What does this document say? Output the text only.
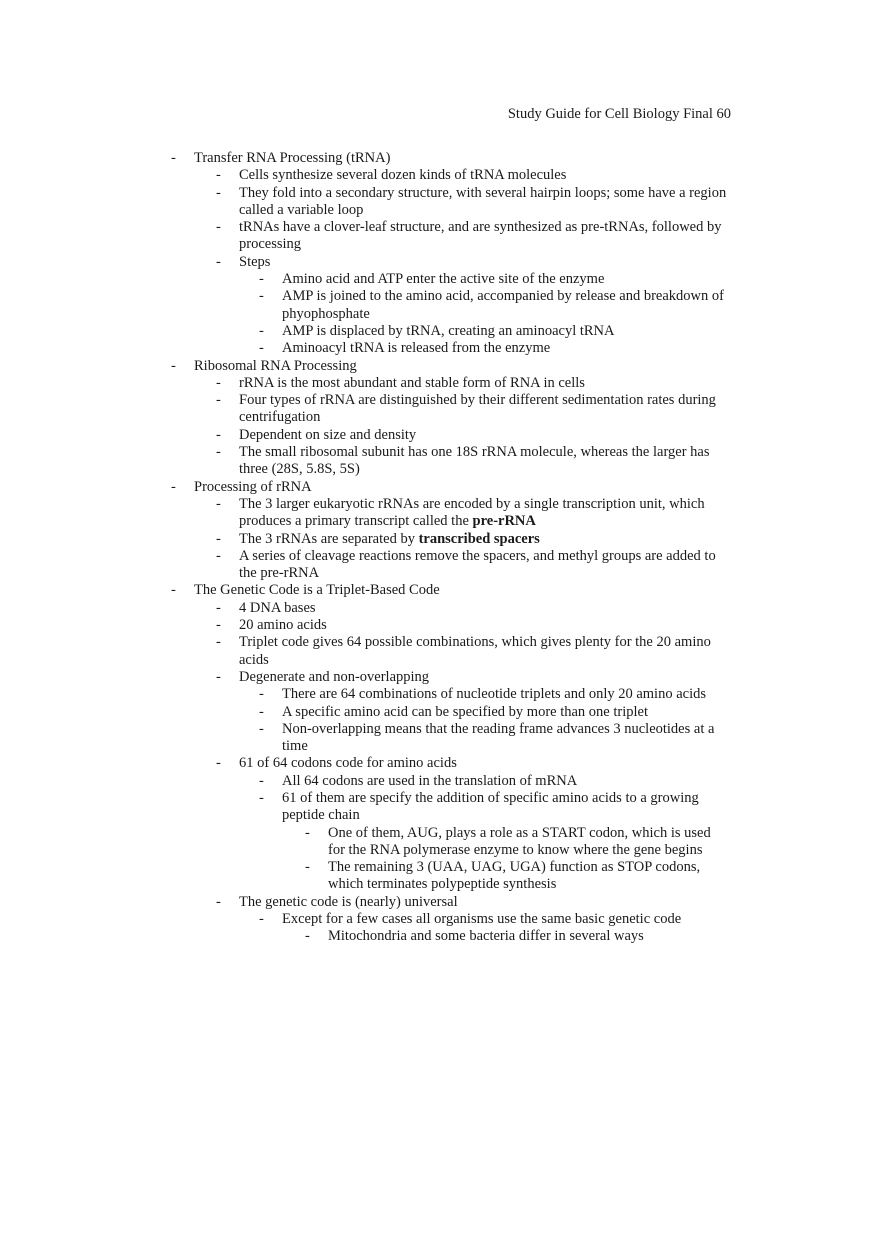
Study Guide for Cell Biology Final 60
- Transfer RNA Processing (tRNA)
- Cells synthesize several dozen kinds of tRNA molecules
- They fold into a secondary structure, with several hairpin loops; some have a region called a variable loop
- tRNAs have a clover-leaf structure, and are synthesized as pre-tRNAs, followed by processing
- Steps
- Amino acid and ATP enter the active site of the enzyme
- AMP is joined to the amino acid, accompanied by release and breakdown of phyophosphate
- AMP is displaced by tRNA, creating an aminoacyl tRNA
- Aminoacyl tRNA is released from the enzyme
- Ribosomal RNA Processing
- rRNA is the most abundant and stable form of RNA in cells
- Four types of rRNA are distinguished by their different sedimentation rates during centrifugation
- Dependent on size and density
- The small ribosomal subunit has one 18S rRNA molecule, whereas the larger has three (28S, 5.8S, 5S)
- Processing of rRNA
- The 3 larger eukaryotic rRNAs are encoded by a single transcription unit, which produces a primary transcript called the pre-rRNA
- The 3 rRNAs are separated by transcribed spacers
- A series of cleavage reactions remove the spacers, and methyl groups are added to the pre-rRNA
- The Genetic Code is a Triplet-Based Code
- 4 DNA bases
- 20 amino acids
- Triplet code gives 64 possible combinations, which gives plenty for the 20 amino acids
- Degenerate and non-overlapping
- There are 64 combinations of nucleotide triplets and only 20 amino acids
- A specific amino acid can be specified by more than one triplet
- Non-overlapping means that the reading frame advances 3 nucleotides at a time
- 61 of 64 codons code for amino acids
- All 64 codons are used in the translation of mRNA
- 61 of them are specify the addition of specific amino acids to a growing peptide chain
- One of them, AUG, plays a role as a START codon, which is used for the RNA polymerase enzyme to know where the gene begins
- The remaining 3 (UAA, UAG, UGA) function as STOP codons, which terminates polypeptide synthesis
- The genetic code is (nearly) universal
- Except for a few cases all organisms use the same basic genetic code
- Mitochondria and some bacteria differ in several ways
